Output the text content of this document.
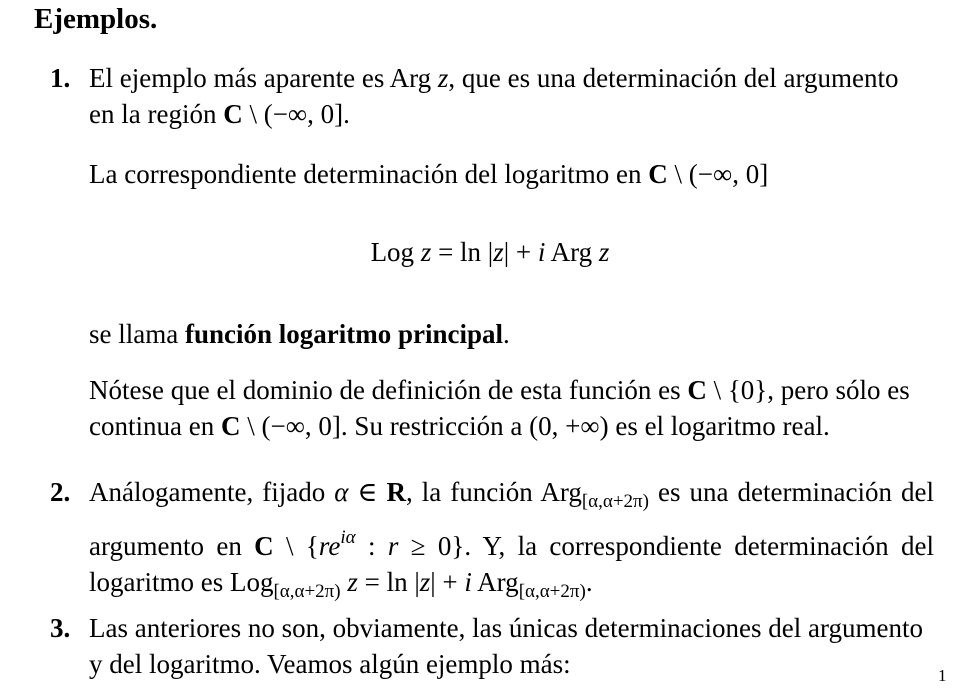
Ejemplos.
1. El ejemplo más aparente es Arg z, que es una determinación del argumento
en la región C \ (−∞, 0].
La correspondiente determinación del logaritmo en C \ (−∞, 0]
se llama función logaritmo principal.
Nótese que el dominio de definición de esta función es C \ {0}, pero sólo es
continua en C \ (−∞, 0]. Su restricción a (0, +∞) es el logaritmo real.
Log z = ln |z| + i Arg z
2. Análogamente, fijado α ∈ R, la función Arg$_{[\alpha,\alpha+2\pi)}$ es una determinación del
argumento en C \ {$re^{i\alpha}$ : r ≥ 0}. Y, la correspondiente determinación del
logaritmo es Log$_{[\alpha,\alpha+2\pi)}$ z = ln |z| + i Arg$_{[\alpha,\alpha+2\pi)}$.
3. Las anteriores no son, obviamente, las únicas determinaciones del argumento
y del logaritmo. Veamos algún ejemplo más:	1
